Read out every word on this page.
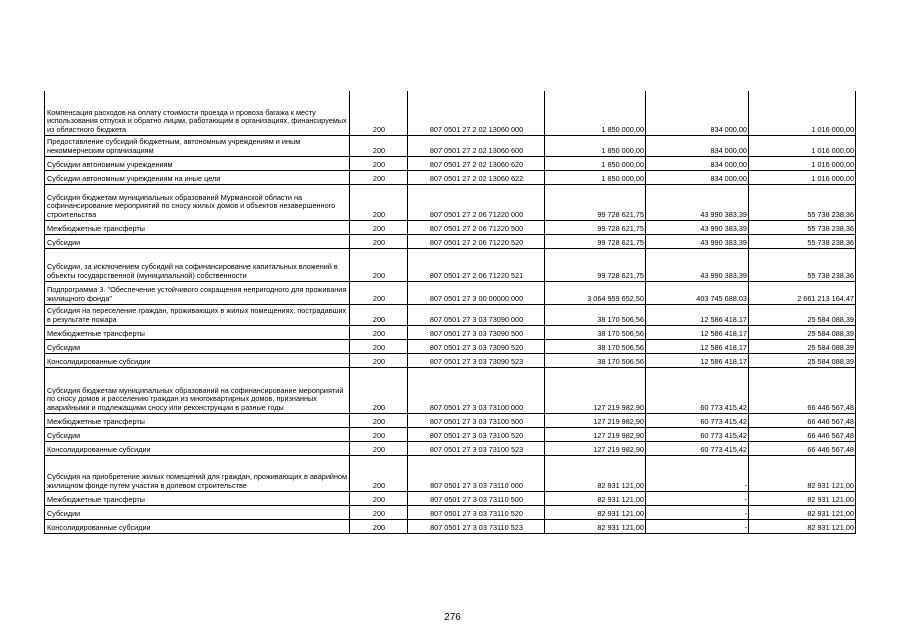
Компенсация расходов на оплату стоимости проезда и провоза багажа к месту использования отпуска и обратно лицам, работающим в организациях, финансируемых из областного бюджета	200	807 0501 27 2 02 13060 000	1 850 000,00	834 000,00	1 016 000,00
Предоставление субсидий бюджетным, автономным учреждениям и иным некоммерческим организациям	200	807 0501 27 2 02 13060 600	1 850 000,00	834 000,00	1 016 000,00
Субсидии автономным учреждениям	200	807 0501 27 2 02 13060 620	1 850 000,00	834 000,00	1 016 000,00
Субсидии автономным учреждениям на иные цели	200	807 0501 27 2 02 13060 622	1 850 000,00	834 000,00	1 016 000,00
Субсидия бюджетам муниципальных образований Мурманской области на софинансирование мероприятий по сносу жилых домов и объектов незавершенного строительства	200	807 0501 27 2 06 71220 000	99 728 621,75	43 990 383,39	55 738 238,36
Межбюджетные трансферты	200	807 0501 27 2 06 71220 500	99 728 621,75	43 990 383,39	55 738 238,36
Субсидии	200	807 0501 27 2 06 71220 520	99 728 621,75	43 990 383,39	55 738 238,36
Субсидии, за исключением субсидий на софинансирование капитальных вложений в объекты государственной (муниципальной) собственности	200	807 0501 27 2 06 71220 521	99 728 621,75	43 990 383,39	55 738 238,36
Подпрограмма 3. "Обеспечение устойчивого сокращения непригодного для проживания жилищного фонда"	200	807 0501 27 3 00 00000 000	3 064 959 652,50	403 745 688,03	2 661 213 164,47
Субсидия на переселение граждан, проживающих в жилых помещениях, пострадавших в результате пожара	200	807 0501 27 3 03 73090 000	38 170 506,56	12 586 418,17	25 584 088,39
Межбюджетные трансферты	200	807 0501 27 3 03 73090 500	38 170 506,56	12 586 418,17	25 584 088,39
Субсидии	200	807 0501 27 3 03 73090 520	38 170 506,56	12 586 418,17	25 584 088,39
Консолидированные субсидии	200	807 0501 27 3 03 73090 523	38 170 506,56	12 586 418,17	25 584 088,39
Субсидия бюджетам муниципальных образований на софинансирование мероприятий по сносу домов и расселению граждан из многоквартирных домов, признанных аварийными и подлежащими сносу или реконструкции в разные годы	200	807 0501 27 3 03 73100 000	127 219 982,90	60 773 415,42	66 446 567,48
Межбюджетные трансферты	200	807 0501 27 3 03 73100 500	127 219 982,90	60 773 415,42	66 446 567,48
Субсидии	200	807 0501 27 3 03 73100 520	127 219 982,90	60 773 415,42	66 446 567,48
Консолидированные субсидии	200	807 0501 27 3 03 73100 523	127 219 982,90	60 773 415,42	66 446 567,48
Субсидия на приобретение жилых помещений для граждан, проживающих в аварийном жилищном фонде путем участия в долевом строительстве	200	807 0501 27 3 03 73110 000	82 931 121,00	-	82 931 121,00
Межбюджетные трансферты	200	807 0501 27 3 03 73110 500	82 931 121,00	-	82 931 121,00
Субсидии	200	807 0501 27 3 03 73110 520	82 931 121,00	-	82 931 121,00
Консолидированные субсидии	200	807 0501 27 3 03 73110 523	82 931 121,00	-	82 931 121,00
276
